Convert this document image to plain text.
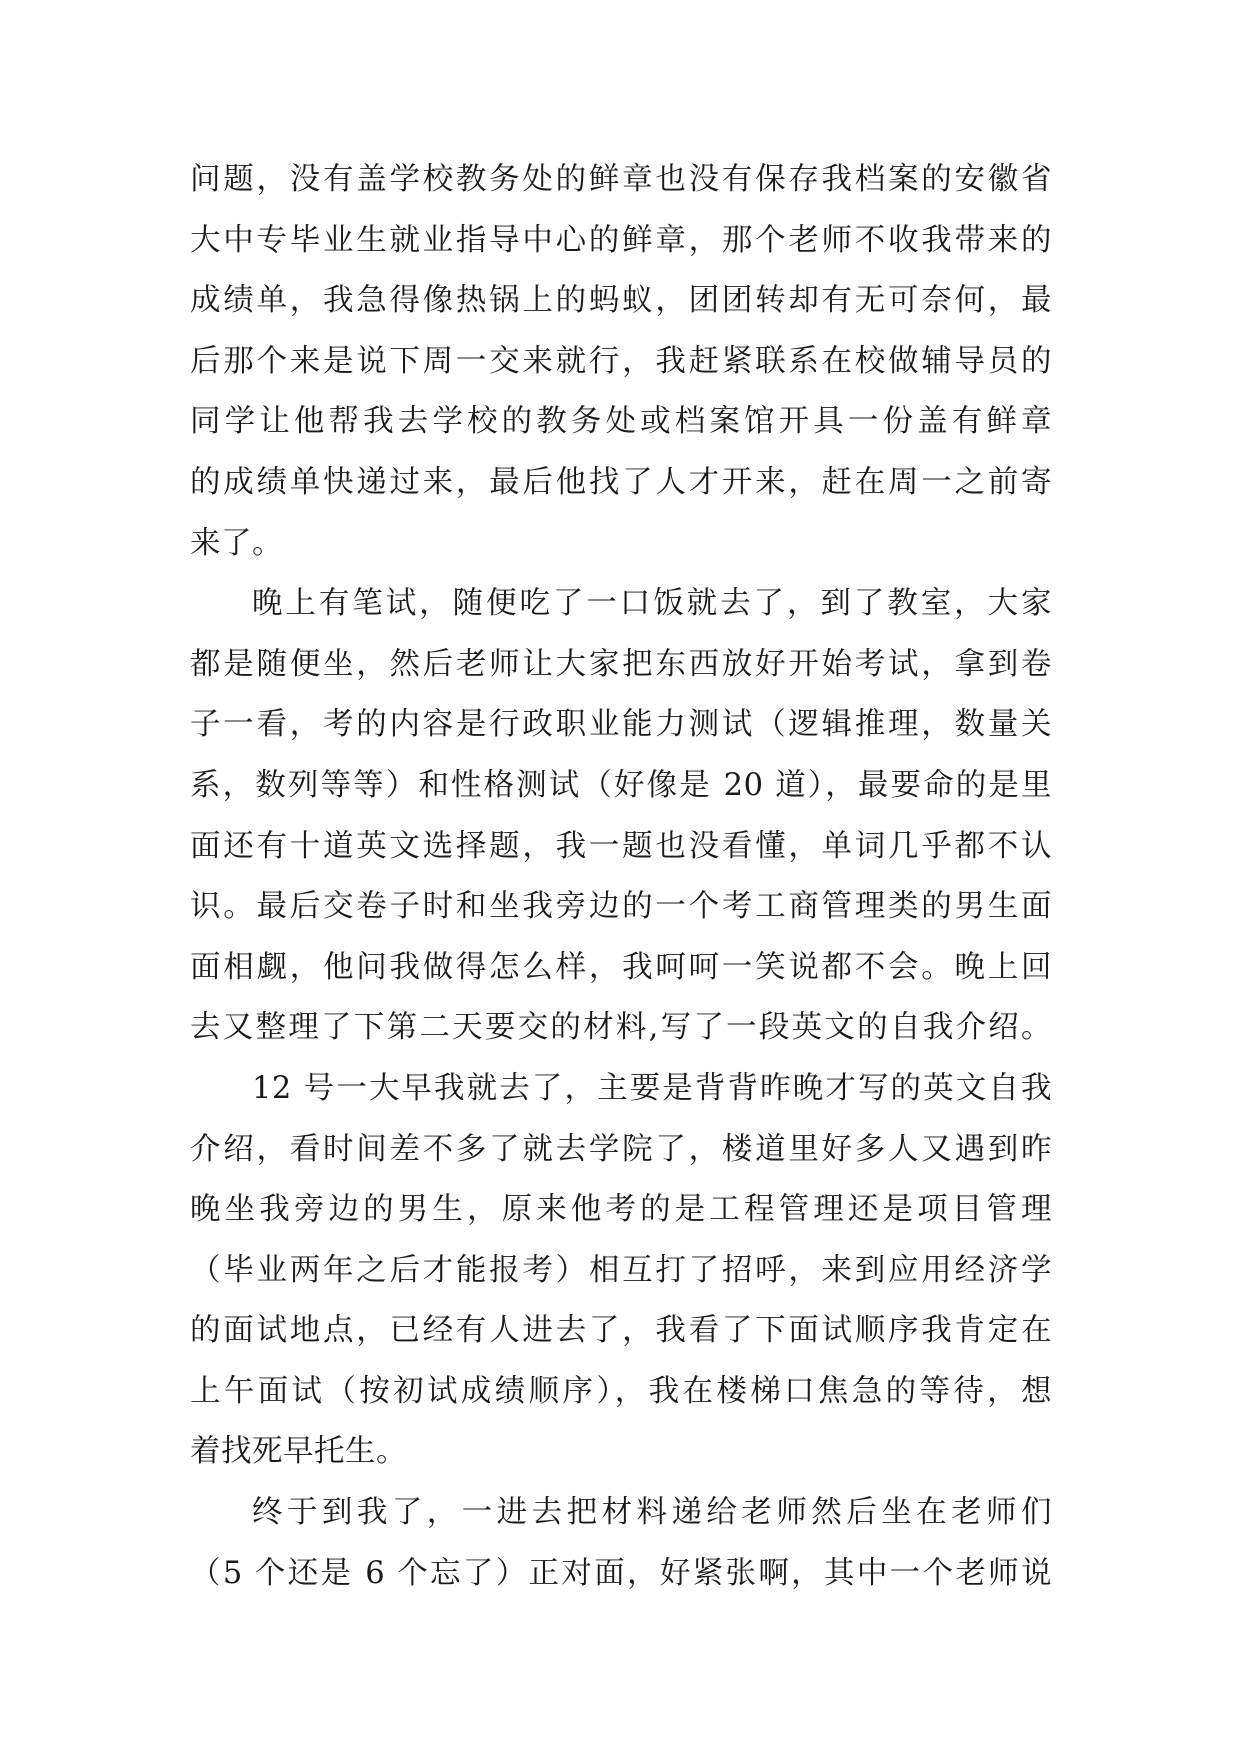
问题，没有盖学校教务处的鲜章也没有保存我档案的安徽省
大中专毕业生就业指导中心的鲜章，那个老师不收我带来的
成绩单，我急得像热锅上的蚂蚁，团团转却有无可奈何，最
后那个来是说下周一交来就行，我赶紧联系在校做辅导员的
同学让他帮我去学校的教务处或档案馆开具一份盖有鲜章
的成绩单快递过来，最后他找了人才开来，赶在周一之前寄
来了。
晚上有笔试，随便吃了一口饭就去了，到了教室，大家
都是随便坐，然后老师让大家把东西放好开始考试，拿到卷
子一看，考的内容是行政职业能力测试（逻辑推理，数量关
系，数列等等）和性格测试（好像是 20 道），最要命的是里
面还有十道英文选择题，我一题也没看懂，单词几乎都不认
识。最后交卷子时和坐我旁边的一个考工商管理类的男生面
面相觑，他问我做得怎么样，我呵呵一笑说都不会。晚上回
去又整理了下第二天要交的材料,写了一段英文的自我介绍。
12 号一大早我就去了，主要是背背昨晚才写的英文自我
介绍，看时间差不多了就去学院了，楼道里好多人又遇到昨
晚坐我旁边的男生，原来他考的是工程管理还是项目管理
（毕业两年之后才能报考）相互打了招呼，来到应用经济学
的面试地点，已经有人进去了，我看了下面试顺序我肯定在
上午面试（按初试成绩顺序），我在楼梯口焦急的等待，想
着找死早托生。
终于到我了，一进去把材料递给老师然后坐在老师们
（5 个还是 6 个忘了）正对面，好紧张啊，其中一个老师说
